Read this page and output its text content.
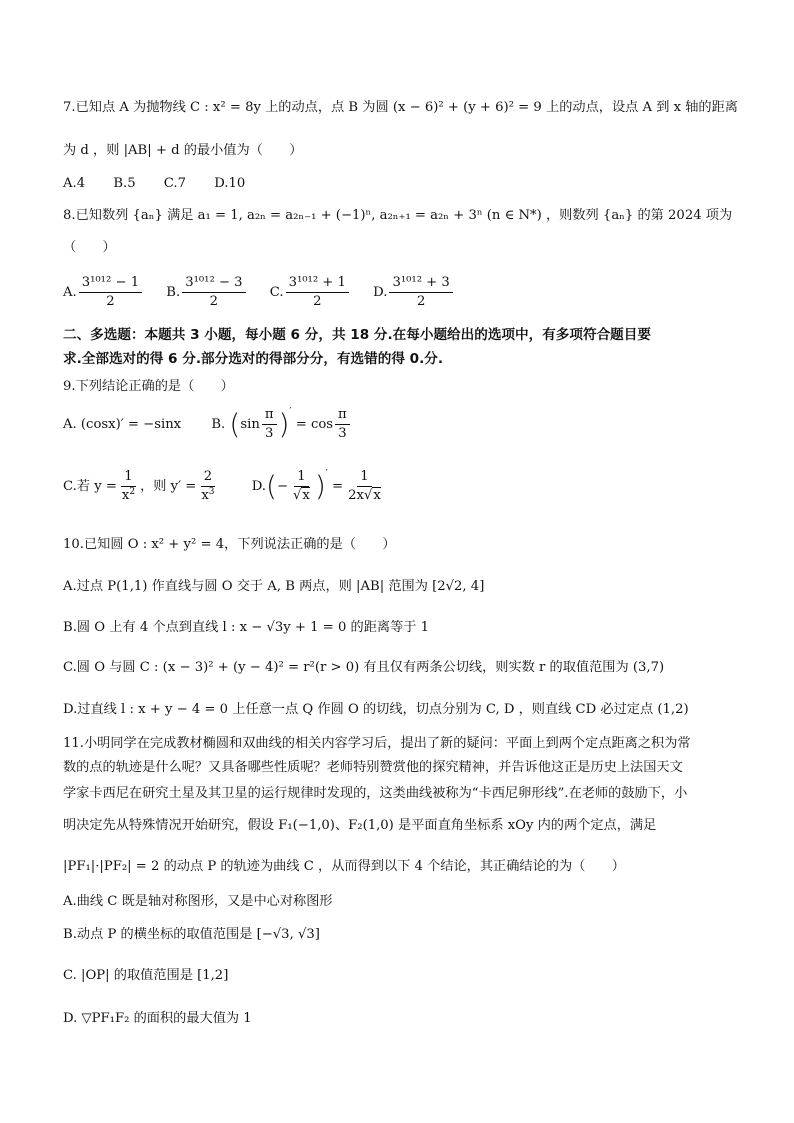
7.已知点 A 为抛物线 C : x² = 8y 上的动点，点 B 为圆 (x − 6)² + (y + 6)² = 9 上的动点，设点 A 到 x 轴的距离
为 d ，则 |AB| + d 的最小值为（　　）
A.4 B.5 C.7 D.10
8.已知数列 {aₙ} 满足 a₁ = 1, a₂ₙ = a₂ₙ₋₁ + (−1)ⁿ, a₂ₙ₊₁ = a₂ₙ + 3ⁿ (n ∈ N*) ，则数列 {aₙ} 的第 2024 项为
（　　）
A. $\frac{\text{3¹⁰¹² − 1}}{2} B$. $\frac{\text{3¹⁰¹² − 3}}{2} C$. $\frac{\text{3¹⁰¹² + 1}}{2} D$. $\frac{\text{3¹⁰¹² + 3}}{2}$
二、多选题：本题共 3 小题，每小题 6 分，共 18 分.在每小题给出的选项中，有多项符合题目要
求.全部选对的得 6 分.部分选对的得部分分，有选错的得 0.分.
9.下列结论正确的是（　　）
A. (cosx)′ = −sinx B. $(\sin \frac{\pi}{3} )' = \cos \frac{\pi}{3}$
C.若 $y = \frac{1}{x^2}$ ，则 $y' = \frac{2}{x^3}$	$D.(- \frac{1}{√x} )' = \frac{1}{2x√x}$
10.已知圆 O : x² + y² = 4，下列说法正确的是（　　）
A.过点 P(1,1) 作直线与圆 O 交于 A, B 两点，则 |AB| 范围为 [2√2, 4]
B.圆 O 上有 4 个点到直线 l : x − √3y + 1 = 0 的距离等于 1
C.圆 O 与圆 C : (x − 3)² + (y − 4)² = r²(r > 0) 有且仅有两条公切线，则实数 r 的取值范围为 (3,7)
D.过直线 l : x + y − 4 = 0 上任意一点 Q 作圆 O 的切线，切点分别为 C, D ，则直线 CD 必过定点 (1,2)
11.小明同学在完成教材椭圆和双曲线的相关内容学习后，提出了新的疑问：平面上到两个定点距离之积为常
数的点的轨迹是什么呢？又具备哪些性质呢？老师特别赞赏他的探究精神，并告诉他这正是历史上法国天文
学家卡西尼在研究土星及其卫星的运行规律时发现的，这类曲线被称为“卡西尼卵形线”.在老师的鼓励下，小
明决定先从特殊情况开始研究，假设 F₁(−1,0)、F₂(1,0) 是平面直角坐标系 xOy 内的两个定点，满足
|PF₁|·|PF₂| = 2 的动点 P 的轨迹为曲线 C ，从而得到以下 4 个结论，其正确结论的为（　　）
A.曲线 C 既是轴对称图形，又是中心对称图形
B.动点 P 的横坐标的取值范围是 [−√3, √3]
C. |OP| 的取值范围是 [1,2]
D. ▽PF₁F₂ 的面积的最大值为 1
